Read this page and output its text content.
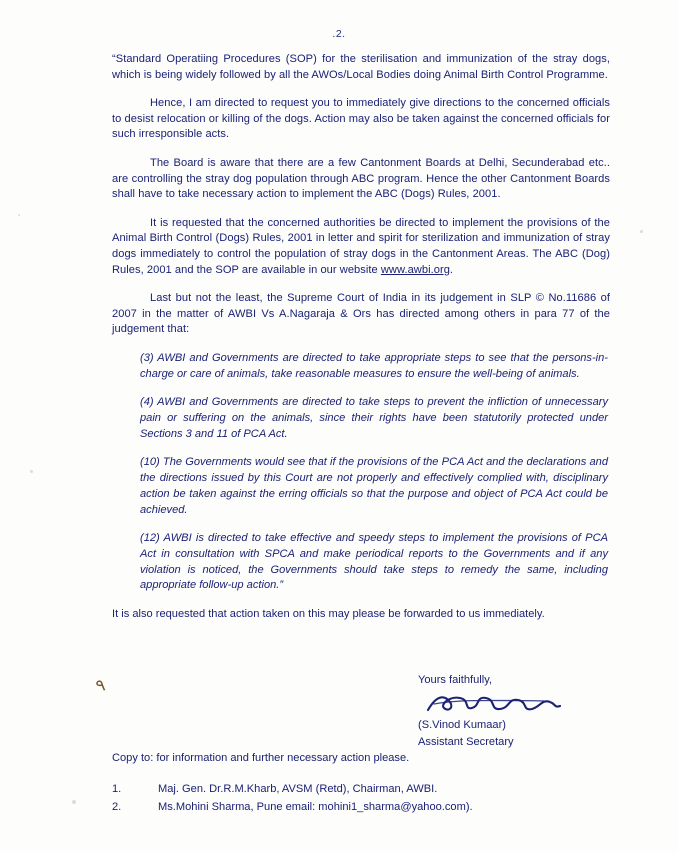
.2.

“Standard Operatiing Procedures (SOP) for the sterilisation and immunization of the stray dogs, which is being widely followed by all the AWOs/Local Bodies doing Animal Birth Control Programme.

Hence, I am directed to request you to immediately give directions to the concerned officials to desist relocation or killing of the dogs. Action may also be taken against the concerned officials for such irresponsible acts.

The Board is aware that there are a few Cantonment Boards at Delhi, Secunderabad etc.. are controlling the stray dog population through ABC program. Hence the other Cantonment Boards shall have to take necessary action to implement the ABC (Dogs) Rules, 2001.

It is requested that the concerned authorities be directed to implement the provisions of the Animal Birth Control (Dogs) Rules, 2001 in letter and spirit for sterilization and immunization of stray dogs immediately to control the population of stray dogs in the Cantonment Areas. The ABC (Dog) Rules, 2001 and the SOP are available in our website www.awbi.org.

Last but not the least, the Supreme Court of India in its judgement in SLP © No.11686 of 2007 in the matter of AWBI Vs A.Nagaraja & Ors has directed among others in para 77 of the judgement that:

(3) AWBI and Governments are directed to take appropriate steps to see that the persons-in-charge or care of animals, take reasonable measures to ensure the well-being of animals.

(4) AWBI and Governments are directed to take steps to prevent the infliction of unnecessary pain or suffering on the animals, since their rights have been statutorily protected under Sections 3 and 11 of PCA Act.

(10) The Governments would see that if the provisions of the PCA Act and the declarations and the directions issued by this Court are not properly and effectively complied with, disciplinary action be taken against the erring officials so that the purpose and object of PCA Act could be achieved.

(12) AWBI is directed to take effective and speedy steps to implement the provisions of PCA Act in consultation with SPCA and make periodical reports to the Governments and if any violation is noticed, the Governments should take steps to remedy the same, including appropriate follow-up action.”

It is also requested that action taken on this may please be forwarded to us immediately.

Yours faithfully,
(S.Vinod Kumaar)
Assistant Secretary
٩
Copy to: for information and further necessary action please.
1.	Maj. Gen. Dr.R.M.Kharb, AVSM (Retd), Chairman, AWBI.
2.	Ms.Mohini Sharma, Pune email: mohini1_sharma@yahoo.com).
